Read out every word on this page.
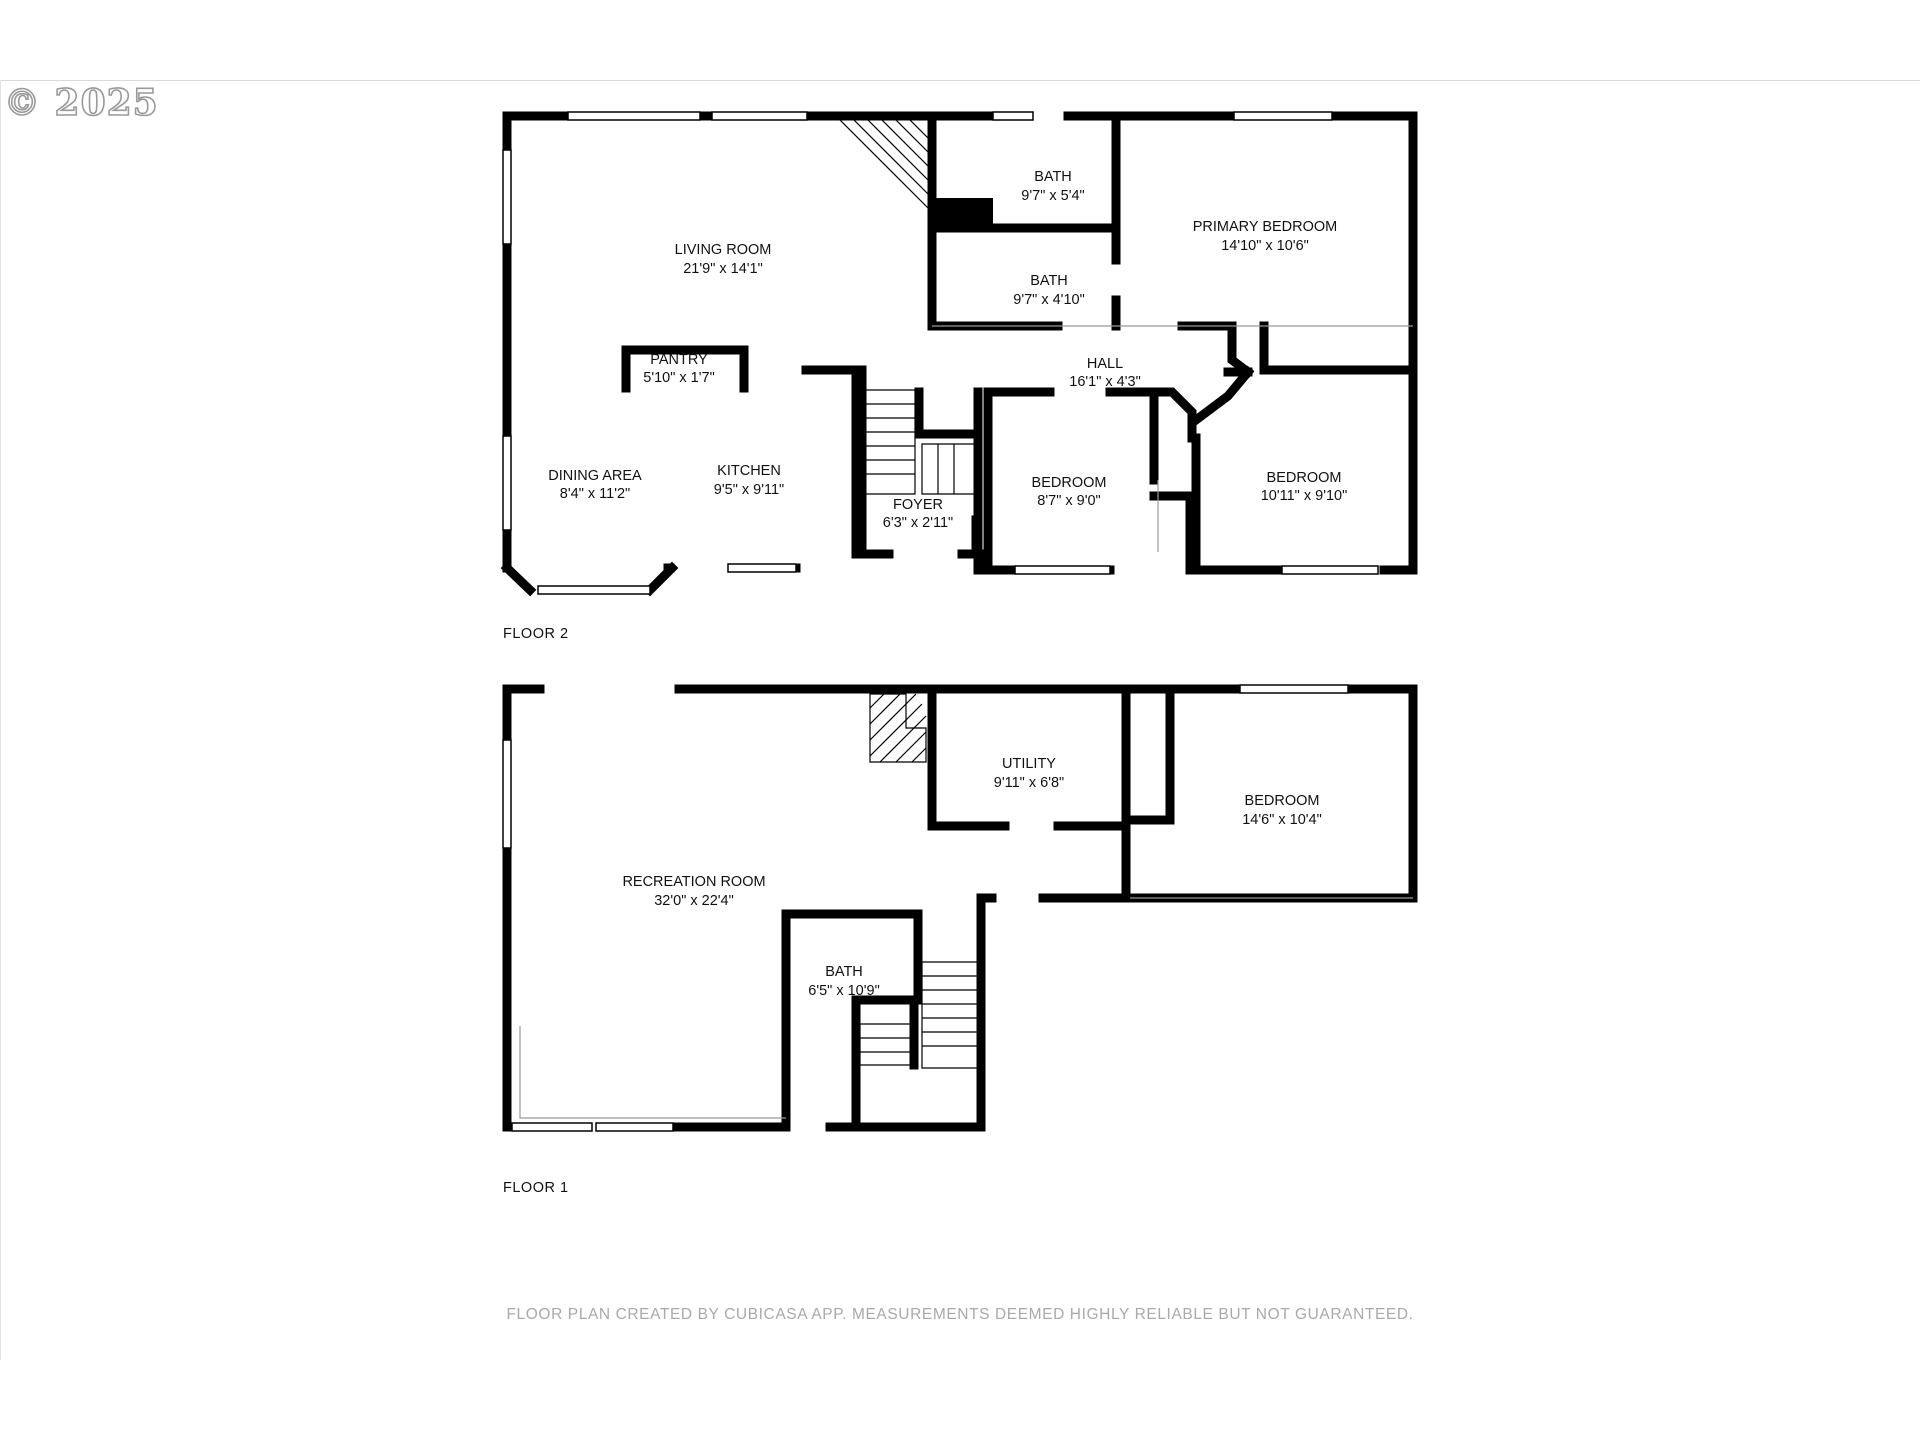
© 2025
LIVING ROOM
21'9" x 14'1"
BATH
9'7" x 5'4"
PRIMARY BEDROOM
14'10" x 10'6"
BATH
9'7" x 4'10"
PANTRY
5'10" x 1'7"
HALL
16'1" x 4'3"
DINING AREA
8'4" x 11'2"
KITCHEN
9'5" x 9'11"
FOYER
6'3" x 2'11"
BEDROOM
8'7" x 9'0"
BEDROOM
10'11" x 9'10"
UTILITY
9'11" x 6'8"
BEDROOM
14'6" x 10'4"
RECREATION ROOM
32'0" x 22'4"
BATH
6'5" x 10'9"
FLOOR 2
FLOOR 1
FLOOR PLAN CREATED BY CUBICASA APP. MEASUREMENTS DEEMED HIGHLY RELIABLE BUT NOT GUARANTEED.
